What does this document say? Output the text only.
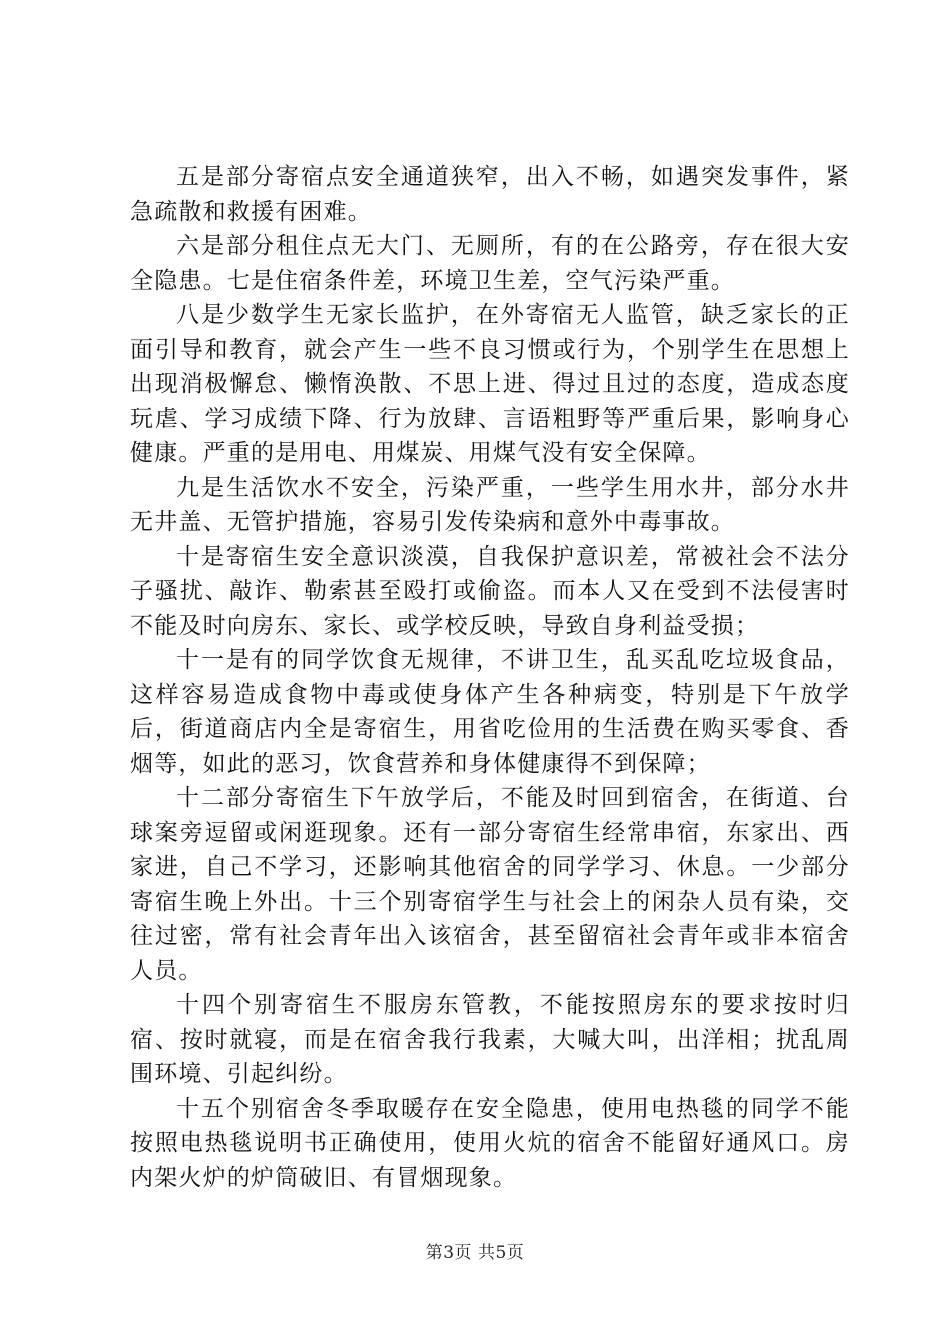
五是部分寄宿点安全通道狭窄，出入不畅，如遇突发事件，紧急疏散和救援有困难。

六是部分租住点无大门、无厕所，有的在公路旁，存在很大安全隐患。七是住宿条件差，环境卫生差，空气污染严重。

八是少数学生无家长监护，在外寄宿无人监管，缺乏家长的正面引导和教育，就会产生一些不良习惯或行为，个别学生在思想上出现消极懈怠、懒惰涣散、不思上进、得过且过的态度，造成态度玩虐、学习成绩下降、行为放肆、言语粗野等严重后果，影响身心健康。严重的是用电、用煤炭、用煤气没有安全保障。

九是生活饮水不安全，污染严重，一些学生用水井，部分水井无井盖、无管护措施，容易引发传染病和意外中毒事故。

十是寄宿生安全意识淡漠，自我保护意识差，常被社会不法分子骚扰、敲诈、勒索甚至殴打或偷盗。而本人又在受到不法侵害时不能及时向房东、家长、或学校反映，导致自身利益受损；

十一是有的同学饮食无规律，不讲卫生，乱买乱吃垃圾食品，这样容易造成食物中毒或使身体产生各种病变，特别是下午放学后，街道商店内全是寄宿生，用省吃俭用的生活费在购买零食、香烟等，如此的恶习，饮食营养和身体健康得不到保障；

十二部分寄宿生下午放学后，不能及时回到宿舍，在街道、台球案旁逗留或闲逛现象。还有一部分寄宿生经常串宿，东家出、西家进，自己不学习，还影响其他宿舍的同学学习、休息。一少部分寄宿生晚上外出。十三个别寄宿学生与社会上的闲杂人员有染，交往过密，常有社会青年出入该宿舍，甚至留宿社会青年或非本宿舍人员。

十四个别寄宿生不服房东管教，不能按照房东的要求按时归宿、按时就寝，而是在宿舍我行我素，大喊大叫，出洋相；扰乱周围环境、引起纠纷。

十五个别宿舍冬季取暖存在安全隐患，使用电热毯的同学不能按照电热毯说明书正确使用，使用火炕的宿舍不能留好通风口。房内架火炉的炉筒破旧、有冒烟现象。

第3页 共5页
